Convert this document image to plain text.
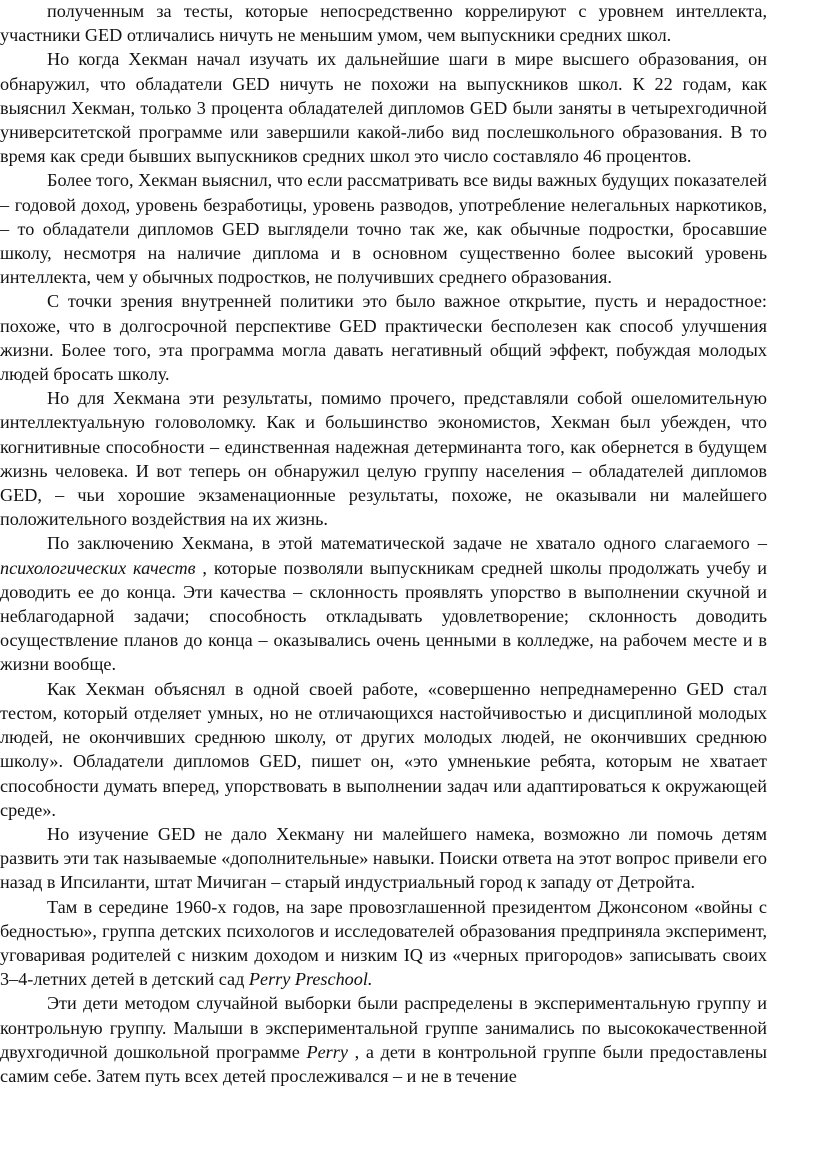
полученным за тесты, которые непосредственно коррелируют с уровнем интеллекта, участники GED отличались ничуть не меньшим умом, чем выпускники средних школ.

Но когда Хекман начал изучать их дальнейшие шаги в мире высшего образования, он обнаружил, что обладатели GED ничуть не похожи на выпускников школ. К 22 годам, как выяснил Хекман, только 3 процента обладателей дипломов GED были заняты в четырехгодичной университетской программе или завершили какой-либо вид послешкольного образования. В то время как среди бывших выпускников средних школ это число составляло 46 процентов.

Более того, Хекман выяснил, что если рассматривать все виды важных будущих показателей – годовой доход, уровень безработицы, уровень разводов, употребление нелегальных наркотиков, – то обладатели дипломов GED выглядели точно так же, как обычные подростки, бросавшие школу, несмотря на наличие диплома и в основном существенно более высокий уровень интеллекта, чем у обычных подростков, не получивших среднего образования.

С точки зрения внутренней политики это было важное открытие, пусть и нерадостное: похоже, что в долгосрочной перспективе GED практически бесполезен как способ улучшения жизни. Более того, эта программа могла давать негативный общий эффект, побуждая молодых людей бросать школу.

Но для Хекмана эти результаты, помимо прочего, представляли собой ошеломительную интеллектуальную головоломку. Как и большинство экономистов, Хекман был убежден, что когнитивные способности – единственная надежная детерминанта того, как обернется в будущем жизнь человека. И вот теперь он обнаружил целую группу населения – обладателей дипломов GED, – чьи хорошие экзаменационные результаты, похоже, не оказывали ни малейшего положительного воздействия на их жизнь.

По заключению Хекмана, в этой математической задаче не хватало одного слагаемого – психологических качеств , которые позволяли выпускникам средней школы продолжать учебу и доводить ее до конца. Эти качества – склонность проявлять упорство в выполнении скучной и неблагодарной задачи; способность откладывать удовлетворение; склонность доводить осуществление планов до конца – оказывались очень ценными в колледже, на рабочем месте и в жизни вообще.

Как Хекман объяснял в одной своей работе, «совершенно непреднамеренно GED стал тестом, который отделяет умных, но не отличающихся настойчивостью и дисциплиной молодых людей, не окончивших среднюю школу, от других молодых людей, не окончивших среднюю школу». Обладатели дипломов GED, пишет он, «это умненькие ребята, которым не хватает способности думать вперед, упорствовать в выполнении задач или адаптироваться к окружающей среде».

Но изучение GED не дало Хекману ни малейшего намека, возможно ли помочь детям развить эти так называемые «дополнительные» навыки. Поиски ответа на этот вопрос привели его назад в Ипсиланти, штат Мичиган – старый индустриальный город к западу от Детройта.

Там в середине 1960-х годов, на заре провозглашенной президентом Джонсоном «войны с бедностью», группа детских психологов и исследователей образования предприняла эксперимент, уговаривая родителей с низким доходом и низким IQ из «черных пригородов» записывать своих 3–4-летних детей в детский сад Perry Preschool.

Эти дети методом случайной выборки были распределены в экспериментальную группу и контрольную группу. Малыши в экспериментальной группе занимались по высококачественной двухгодичной дошкольной программе Perry , а дети в контрольной группе были предоставлены самим себе. Затем путь всех детей прослеживался – и не в течение
